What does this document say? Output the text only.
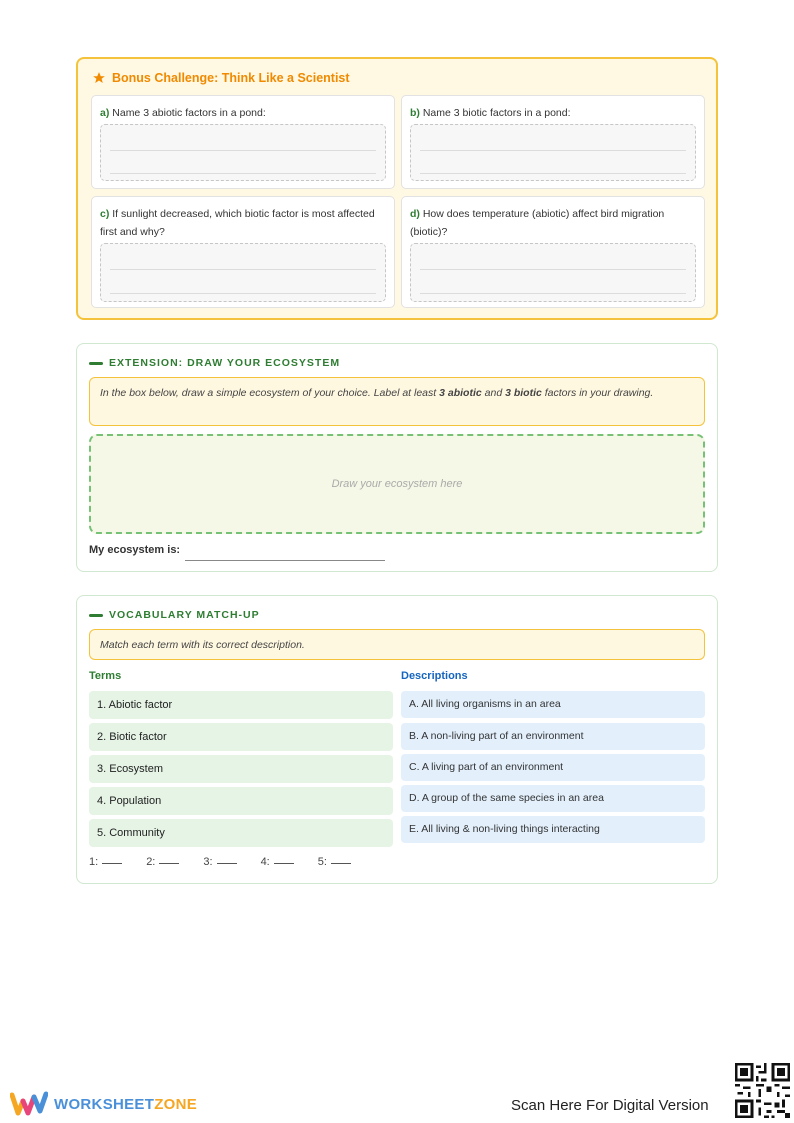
Bonus Challenge: Think Like a Scientist
a) Name 3 abiotic factors in a pond:	b) Name 3 biotic factors in a pond:
c) If sunlight decreased, which biotic factor is most affected first and why?
d) How does temperature (abiotic) affect bird migration (biotic)?
EXTENSION: DRAW YOUR ECOSYSTEM
In the box below, draw a simple ecosystem of your choice. Label at least 3 abiotic and 3 biotic factors in your drawing.
Draw your ecosystem here
My ecosystem is:
VOCABULARY MATCH-UP
Match each term with its correct description.
Terms	Descriptions
1. Abiotic factor
2. Biotic factor
3. Ecosystem
4. Population
5. Community
A. All living organisms in an area
B. A non-living part of an environment
C. A living part of an environment
D. A group of the same species in an area
E. All living & non-living things interacting
1:	2:	3:	4:	5:
WORKSHEETZONE	Scan Here For Digital Version
